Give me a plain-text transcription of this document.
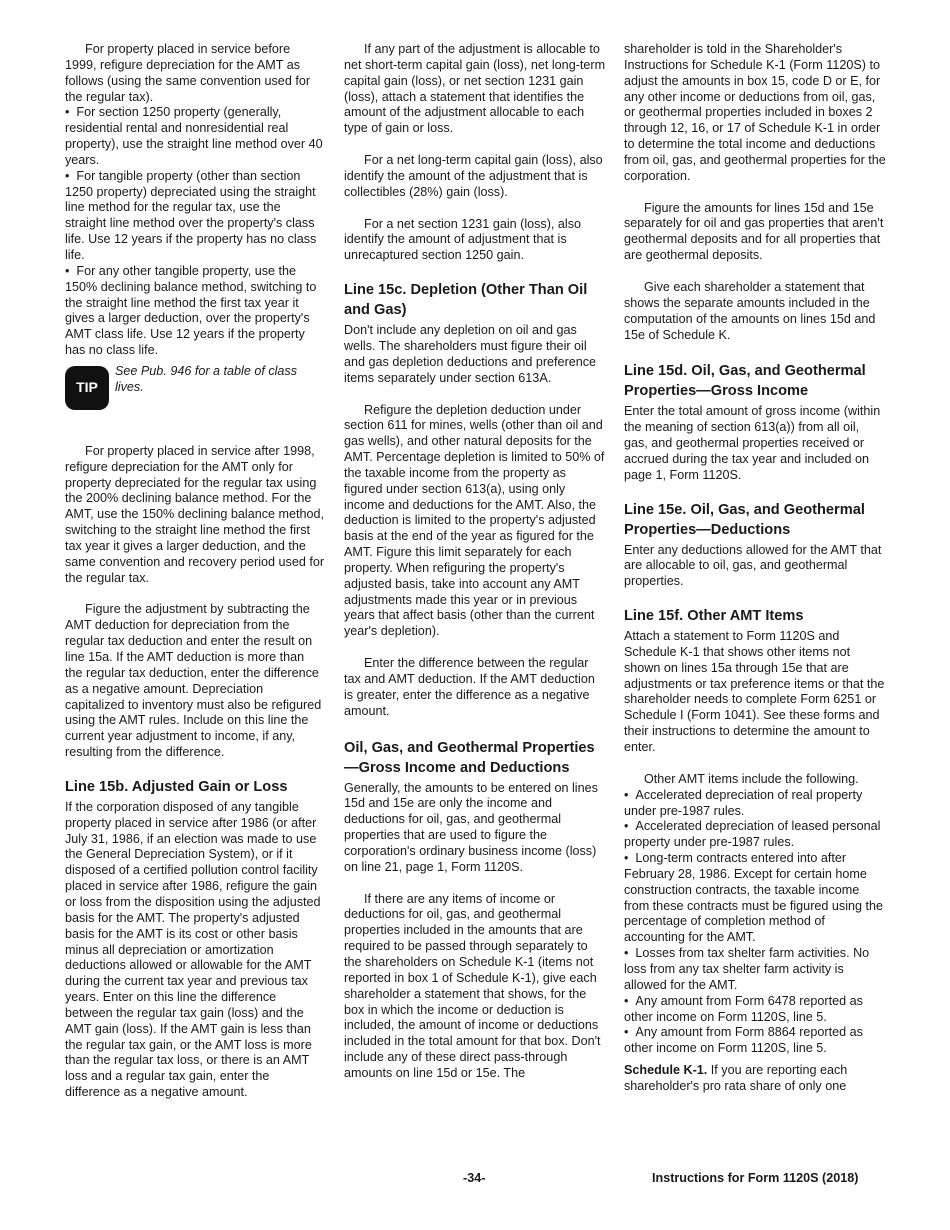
For property placed in service before 1999, refigure depreciation for the AMT as follows (using the same convention used for the regular tax).

•  For section 1250 property (generally, residential rental and nonresidential real property), use the straight line method over 40 years.

•  For tangible property (other than section 1250 property) depreciated using the straight line method for the regular tax, use the straight line method over the property's class life. Use 12 years if the property has no class life.

•  For any other tangible property, use the 150% declining balance method, switching to the straight line method the first tax year it gives a larger deduction, over the property's AMT class life. Use 12 years if the property has no class life.

TIP
See Pub. 946 for a table of class lives.

For property placed in service after 1998, refigure depreciation for the AMT only for property depreciated for the regular tax using the 200% declining balance method. For the AMT, use the 150% declining balance method, switching to the straight line method the first tax year it gives a larger deduction, and the same convention and recovery period used for the regular tax.

Figure the adjustment by subtracting the AMT deduction for depreciation from the regular tax deduction and enter the result on line 15a. If the AMT deduction is more than the regular tax deduction, enter the difference as a negative amount. Depreciation capitalized to inventory must also be refigured using the AMT rules. Include on this line the current year adjustment to income, if any, resulting from the difference.

Line 15b. Adjusted Gain or Loss

If the corporation disposed of any tangible property placed in service after 1986 (or after July 31, 1986, if an election was made to use the General Depreciation System), or if it disposed of a certified pollution control facility placed in service after 1986, refigure the gain or loss from the disposition using the adjusted basis for the AMT. The property's adjusted basis for the AMT is its cost or other basis minus all depreciation or amortization deductions allowed or allowable for the AMT during the current tax year and previous tax years. Enter on this line the difference between the regular tax gain (loss) and the AMT gain (loss). If the AMT gain is less than the regular tax gain, or the AMT loss is more than the regular tax loss, or there is an AMT loss and a regular tax gain, enter the difference as a negative amount.

If any part of the adjustment is allocable to net short-term capital gain (loss), net long-term capital gain (loss), or net section 1231 gain (loss), attach a statement that identifies the amount of the adjustment allocable to each type of gain or loss.

For a net long-term capital gain (loss), also identify the amount of the adjustment that is collectibles (28%) gain (loss).

For a net section 1231 gain (loss), also identify the amount of adjustment that is unrecaptured section 1250 gain.

Line 15c. Depletion (Other Than Oil and Gas)

Don't include any depletion on oil and gas wells. The shareholders must figure their oil and gas depletion deductions and preference items separately under section 613A.

Refigure the depletion deduction under section 611 for mines, wells (other than oil and gas wells), and other natural deposits for the AMT. Percentage depletion is limited to 50% of the taxable income from the property as figured under section 613(a), using only income and deductions for the AMT. Also, the deduction is limited to the property's adjusted basis at the end of the year as figured for the AMT. Figure this limit separately for each property. When refiguring the property's adjusted basis, take into account any AMT adjustments made this year or in previous years that affect basis (other than the current year's depletion).

Enter the difference between the regular tax and AMT deduction. If the AMT deduction is greater, enter the difference as a negative amount.

Oil, Gas, and Geothermal Properties—Gross Income and Deductions

Generally, the amounts to be entered on lines 15d and 15e are only the income and deductions for oil, gas, and geothermal properties that are used to figure the corporation's ordinary business income (loss) on line 21, page 1, Form 1120S.

If there are any items of income or deductions for oil, gas, and geothermal properties included in the amounts that are required to be passed through separately to the shareholders on Schedule K-1 (items not reported in box 1 of Schedule K-1), give each shareholder a statement that shows, for the box in which the income or deduction is included, the amount of income or deductions included in the total amount for that box. Don't include any of these direct pass-through amounts on line 15d or 15e. The

shareholder is told in the Shareholder's Instructions for Schedule K-1 (Form 1120S) to adjust the amounts in box 15, code D or E, for any other income or deductions from oil, gas, or geothermal properties included in boxes 2 through 12, 16, or 17 of Schedule K-1 in order to determine the total income and deductions from oil, gas, and geothermal properties for the corporation.

Figure the amounts for lines 15d and 15e separately for oil and gas properties that aren't geothermal deposits and for all properties that are geothermal deposits.

Give each shareholder a statement that shows the separate amounts included in the computation of the amounts on lines 15d and 15e of Schedule K.

Line 15d. Oil, Gas, and Geothermal Properties—Gross Income

Enter the total amount of gross income (within the meaning of section 613(a)) from all oil, gas, and geothermal properties received or accrued during the tax year and included on page 1, Form 1120S.

Line 15e. Oil, Gas, and Geothermal Properties—Deductions

Enter any deductions allowed for the AMT that are allocable to oil, gas, and geothermal properties.

Line 15f. Other AMT Items

Attach a statement to Form 1120S and Schedule K-1 that shows other items not shown on lines 15a through 15e that are adjustments or tax preference items or that the shareholder needs to complete Form 6251 or Schedule I (Form 1041). See these forms and their instructions to determine the amount to enter.

Other AMT items include the following.

•  Accelerated depreciation of real property under pre-1987 rules.

•  Accelerated depreciation of leased personal property under pre-1987 rules.

•  Long-term contracts entered into after February 28, 1986. Except for certain home construction contracts, the taxable income from these contracts must be figured using the percentage of completion method of accounting for the AMT.

•  Losses from tax shelter farm activities. No loss from any tax shelter farm activity is allowed for the AMT.

•  Any amount from Form 6478 reported as other income on Form 1120S, line 5.

•  Any amount from Form 8864 reported as other income on Form 1120S, line 5.

Schedule K-1. If you are reporting each shareholder's pro rata share of only one

-34-	Instructions for Form 1120S (2018)
